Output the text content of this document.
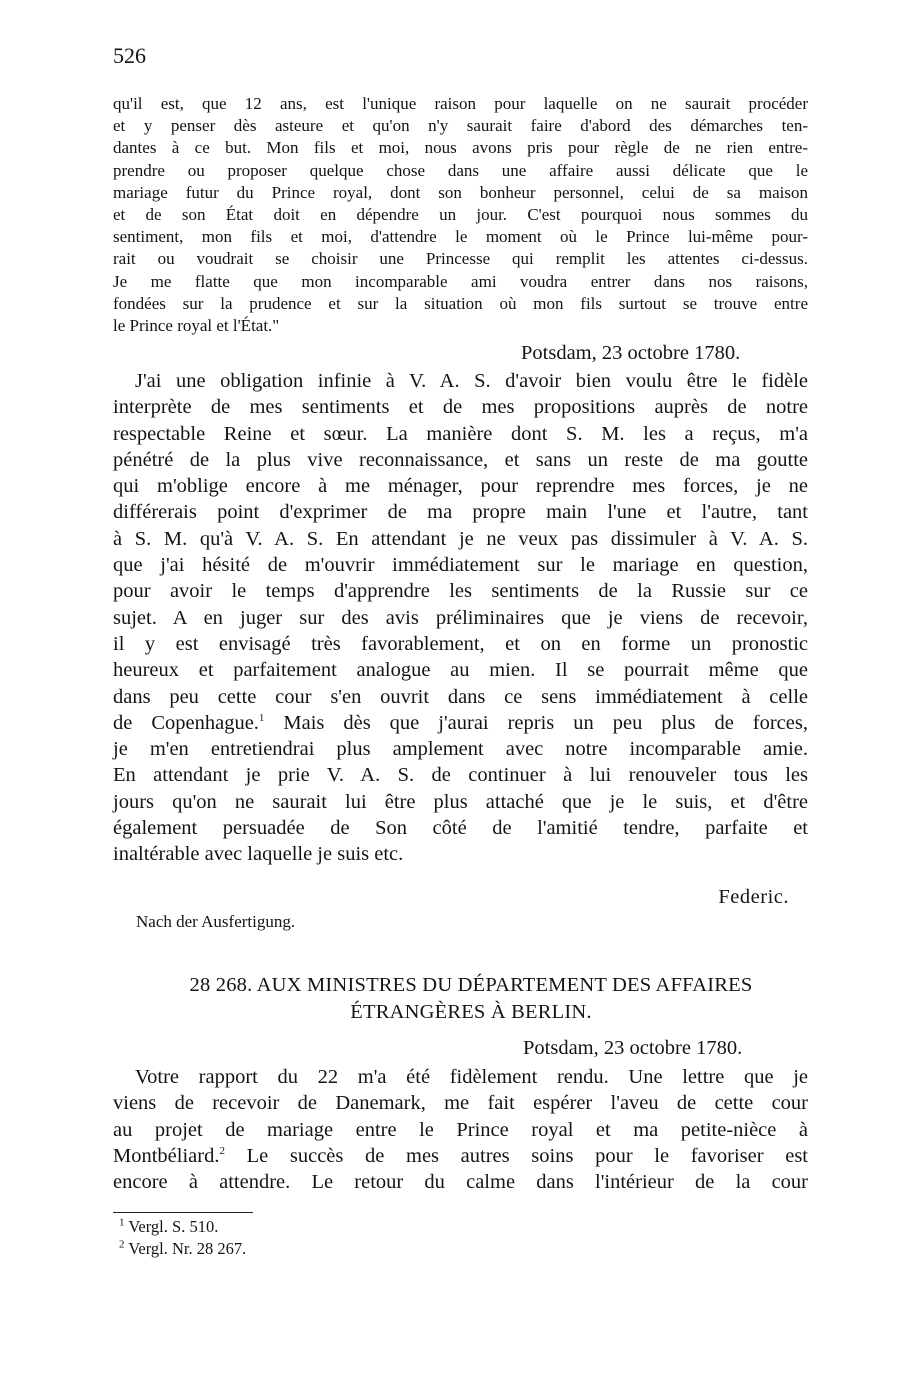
526
qu'il est, que 12 ans, est l'unique raison pour laquelle on ne saurait procéder
et y penser dès asteure et qu'on n'y saurait faire d'abord des démarches ten-
dantes à ce but. Mon fils et moi, nous avons pris pour règle de ne rien entre-
prendre ou proposer quelque chose dans une affaire aussi délicate que le
mariage futur du Prince royal, dont son bonheur personnel, celui de sa maison
et de son État doit en dépendre un jour. C'est pourquoi nous sommes du
sentiment, mon fils et moi, d'attendre le moment où le Prince lui-même pour-
rait ou voudrait se choisir une Princesse qui remplit les attentes ci-dessus.
Je me flatte que mon incomparable ami voudra entrer dans nos raisons,
fondées sur la prudence et sur la situation où mon fils surtout se trouve entre
le Prince royal et l'État."
Potsdam, 23 octobre 1780.
J'ai une obligation infinie à V. A. S. d'avoir bien voulu être le fidèle
interprète de mes sentiments et de mes propositions auprès de notre
respectable Reine et sœur. La manière dont S. M. les a reçus, m'a
pénétré de la plus vive reconnaissance, et sans un reste de ma goutte
qui m'oblige encore à me ménager, pour reprendre mes forces, je ne
différerais point d'exprimer de ma propre main l'une et l'autre, tant
à S. M. qu'à V. A. S. En attendant je ne veux pas dissimuler à V. A. S.
que j'ai hésité de m'ouvrir immédiatement sur le mariage en question,
pour avoir le temps d'apprendre les sentiments de la Russie sur ce
sujet. A en juger sur des avis préliminaires que je viens de recevoir,
il y est envisagé très favorablement, et on en forme un pronostic
heureux et parfaitement analogue au mien. Il se pourrait même que
dans peu cette cour s'en ouvrit dans ce sens immédiatement à celle
de Copenhague.$^1$ Mais dès que j'aurai repris un peu plus de forces,
je m'en entretiendrai plus amplement avec notre incomparable amie.
En attendant je prie V. A. S. de continuer à lui renouveler tous les
jours qu'on ne saurait lui être plus attaché que je le suis, et d'être
également persuadée de Son côté de l'amitié tendre, parfaite et
inaltérable avec laquelle je suis etc.
Federic.
Nach der Ausfertigung.
28 268. AUX MINISTRES DU DÉPARTEMENT DES AFFAIRES
ÉTRANGÈRES À BERLIN.
Potsdam, 23 octobre 1780.
Votre rapport du 22 m'a été fidèlement rendu. Une lettre que je
viens de recevoir de Danemark, me fait espérer l'aveu de cette cour
au projet de mariage entre le Prince royal et ma petite-nièce à
Montbéliard.$^2$ Le succès de mes autres soins pour le favoriser est
encore à attendre. Le retour du calme dans l'intérieur de la cour
$^1$ Vergl. S. 510.
$^2$ Vergl. Nr. 28 267.
